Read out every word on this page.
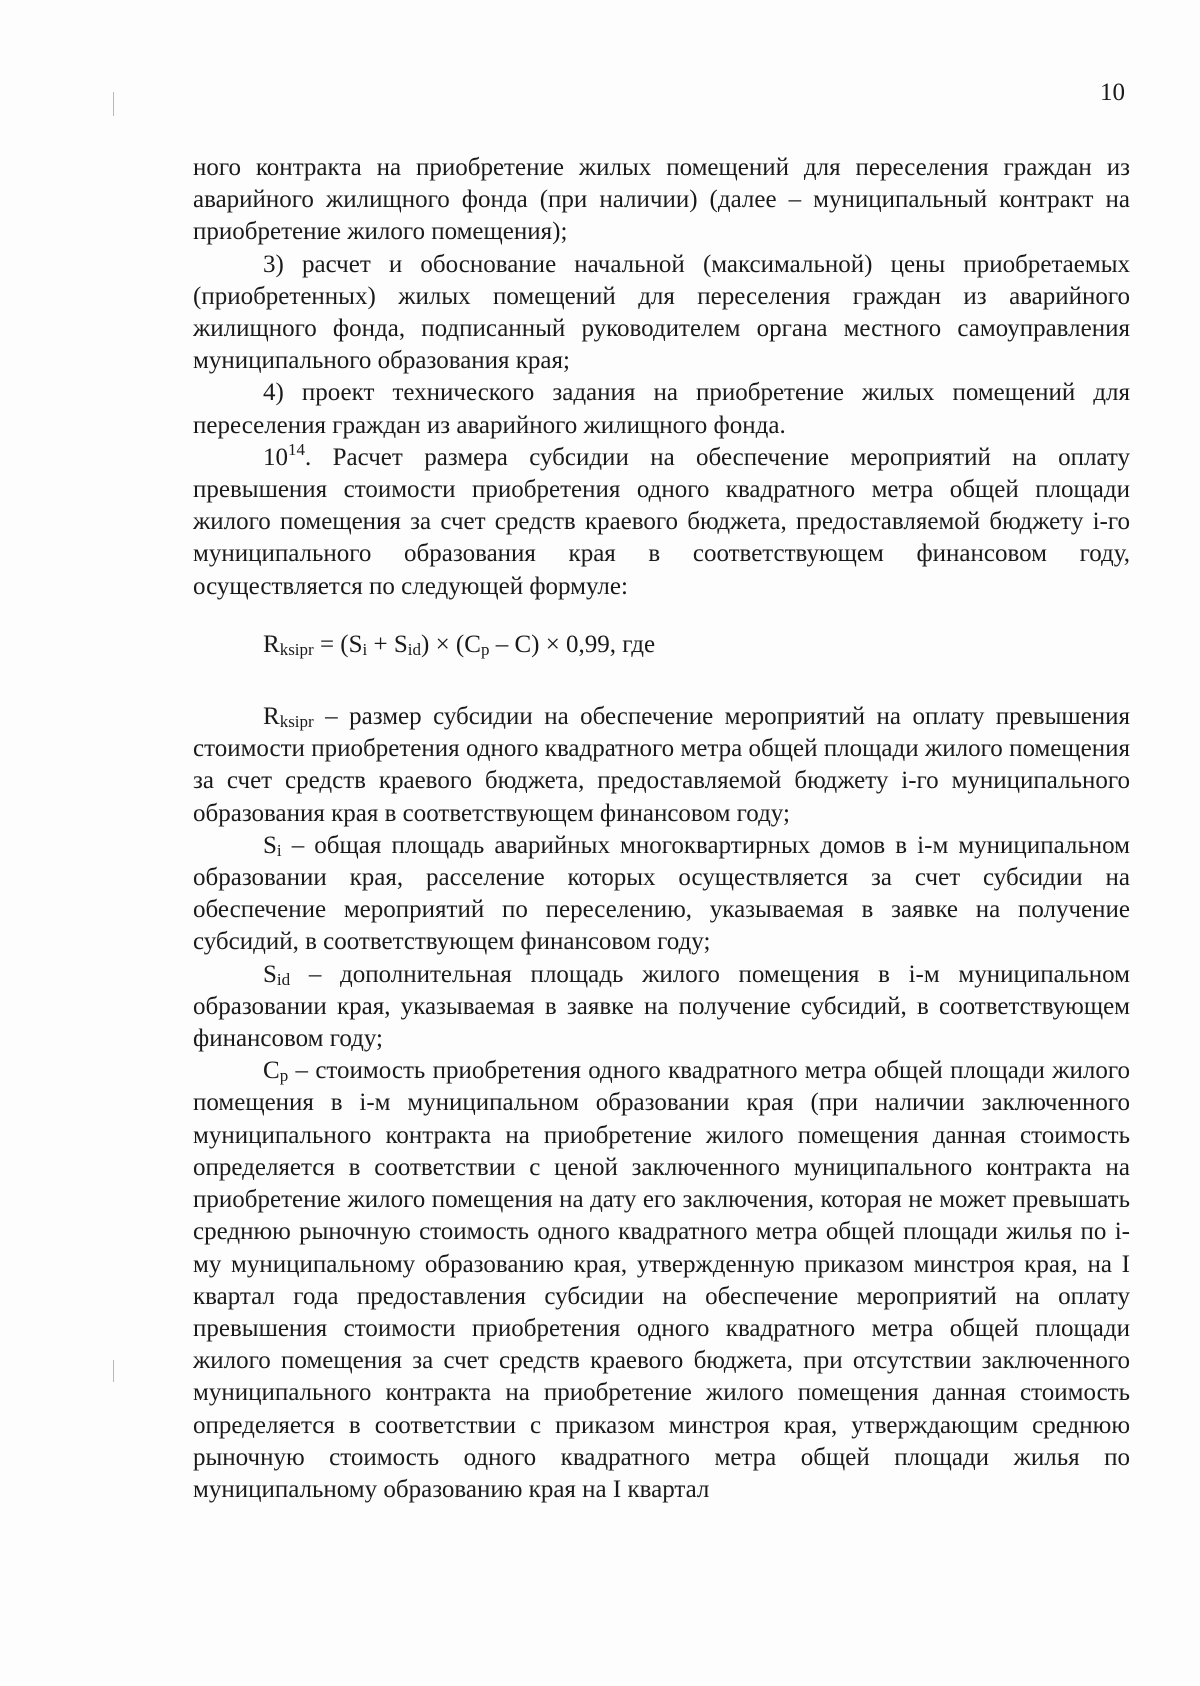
10

ного контракта на приобретение жилых помещений для переселения граждан из аварийного жилищного фонда (при наличии) (далее – муниципальный контракт на приобретение жилого помещения);

3) расчет и обоснование начальной (максимальной) цены приобретаемых (приобретенных) жилых помещений для переселения граждан из аварийного жилищного фонда, подписанный руководителем органа местного самоуправления муниципального образования края;

4) проект технического задания на приобретение жилых помещений для переселения граждан из аварийного жилищного фонда.

$10^{14}$. Расчет размера субсидии на обеспечение мероприятий на оплату превышения стоимости приобретения одного квадратного метра общей площади жилого помещения за счет средств краевого бюджета, предоставляемой бюджету i-го муниципального образования края в соответствующем финансовом году, осуществляется по следующей формуле:

$R_{ksipr} = (S_i + S_{id}) \times (C_p - C) \times 0,99$, где

$R_{ksipr}$ – размер субсидии на обеспечение мероприятий на оплату превышения стоимости приобретения одного квадратного метра общей площади жилого помещения за счет средств краевого бюджета, предоставляемой бюджету i-го муниципального образования края в соответствующем финансовом году;

$S_i$ – общая площадь аварийных многоквартирных домов в i-м муниципальном образовании края, расселение которых осуществляется за счет субсидии на обеспечение мероприятий по переселению, указываемая в заявке на получение субсидий, в соответствующем финансовом году;

$S_{id}$ – дополнительная площадь жилого помещения в i-м муниципальном образовании края, указываемая в заявке на получение субсидий, в соответствующем финансовом году;

$C_p$ – стоимость приобретения одного квадратного метра общей площади жилого помещения в i-м муниципальном образовании края (при наличии заключенного муниципального контракта на приобретение жилого помещения данная стоимость определяется в соответствии с ценой заключенного муниципального контракта на приобретение жилого помещения на дату его заключения, которая не может превышать среднюю рыночную стоимость одного квадратного метра общей площади жилья по i-му муниципальному образованию края, утвержденную приказом минстроя края, на I квартал года предоставления субсидии на обеспечение мероприятий на оплату превышения стоимости приобретения одного квадратного метра общей площади жилого помещения за счет средств краевого бюджета, при отсутствии заключенного муниципального контракта на приобретение жилого помещения данная стоимость определяется в соответствии с приказом минстроя края, утверждающим среднюю рыночную стоимость одного квадратного метра общей площади жилья по муниципальному образованию края на I квартал
